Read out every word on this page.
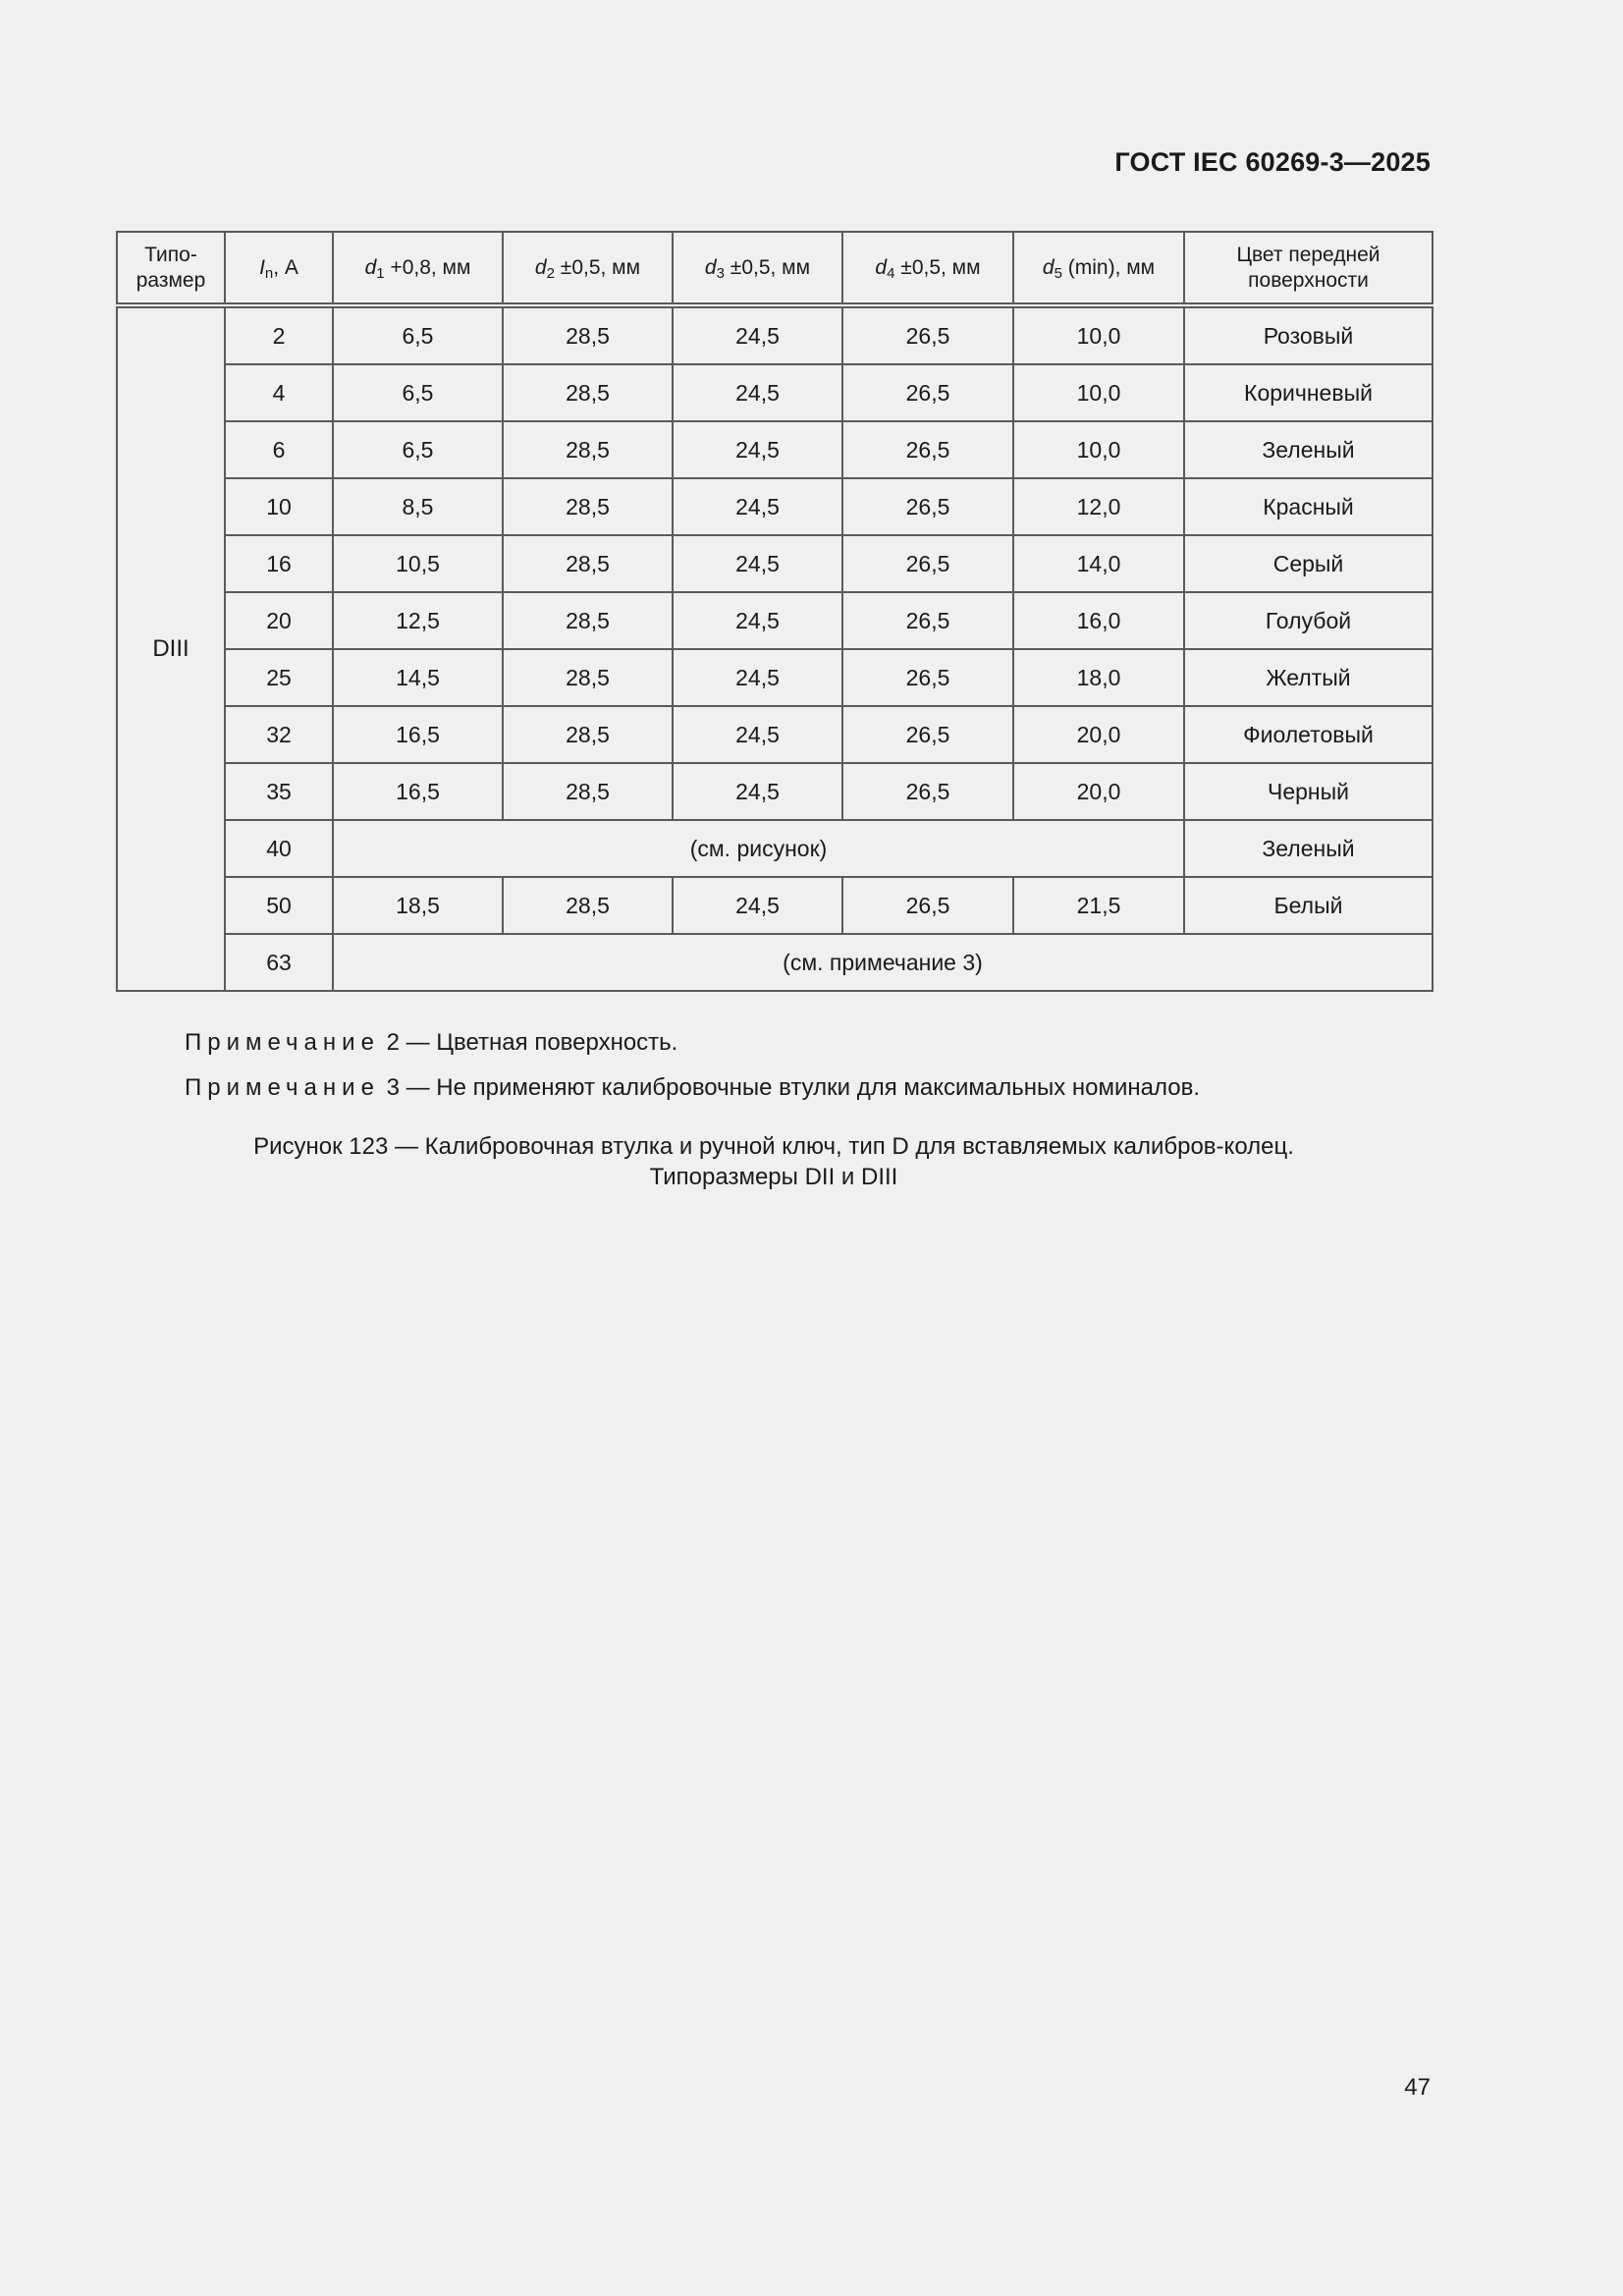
ГОСТ IEC 60269-3—2025
Типо-
размер	$I_n$, А	$d_1 +0,8$, мм	$d_2 \pm 0,5$, мм	$d_3 \pm 0,5$, мм	$d_4 \pm 0,5$, мм	$d_5$ (min), мм	Цвет передней
поверхности
DIII	2	6,5	28,5	24,5	26,5	10,0	Розовый
	4	6,5	28,5	24,5	26,5	10,0	Коричневый
	6	6,5	28,5	24,5	26,5	10,0	Зеленый
	10	8,5	28,5	24,5	26,5	12,0	Красный
	16	10,5	28,5	24,5	26,5	14,0	Серый
	20	12,5	28,5	24,5	26,5	16,0	Голубой
	25	14,5	28,5	24,5	26,5	18,0	Желтый
	32	16,5	28,5	24,5	26,5	20,0	Фиолетовый
	35	16,5	28,5	24,5	26,5	20,0	Черный
	40	(см. рисунок)					Зеленый
	50	18,5	28,5	24,5	26,5	21,5	Белый
	63	(см. примечание 3)					
Примечание 2 — Цветная поверхность.
Примечание 3 — Не применяют калибровочные втулки для максимальных номиналов.
Рисунок 123 — Калибровочная втулка и ручной ключ, тип D для вставляемых калибров-колец.
Типоразмеры DII и DIII
47
